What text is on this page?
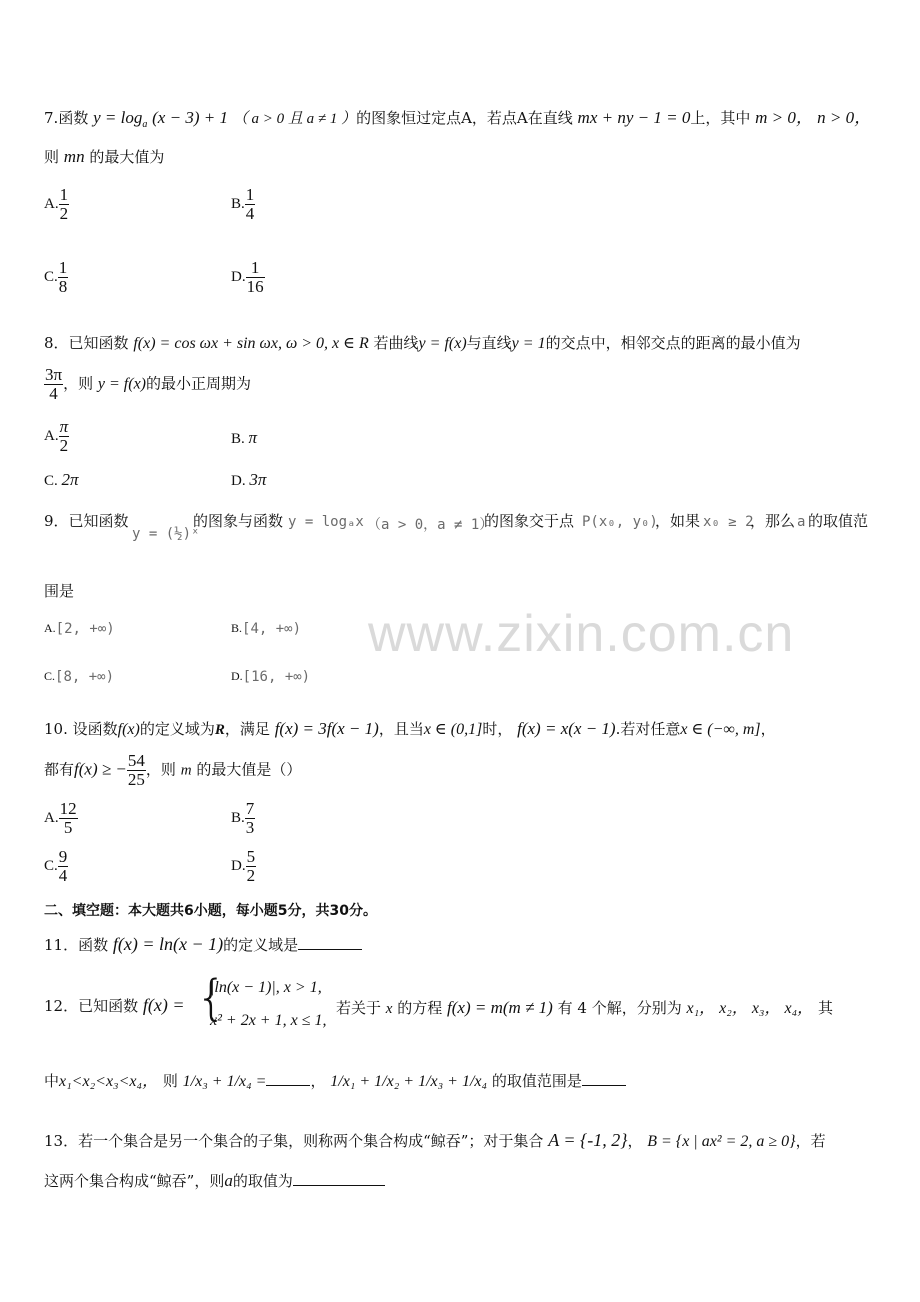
www.zixin.com.cn
7.函数 $y = \log_a (x - 3) + 1$ （ a > 0 且 a ≠ 1 ）的图象恒过定点A，若点A在直线 mx + ny − 1 = 0上，其中 m > 0， n > 0，
则 mn 的最大值为
A. $\frac{1}{2}$	B. $\frac{1}{4}$
C. $\frac{1}{8}$	D. $\frac{1}{16}$
8．已知函数 f(x) = cos ωx + sin ωx, ω > 0, x ∈ R 若曲线y = f(x)与直线y = 1的交点中，相邻交点的距离的最小值为
$\frac{3\pi}{4}$ ，则 y = f(x)的最小正周期为
A. $\frac{\pi}{2}$	B. π
C. 2π	D. 3π
9．已知函数
y = (½)ˣ
的图象与函数 y = logₐx （a > 0，a ≠ 1）
的图象交于点 P(x₀, y₀)
，如果 x₀ ≥ 2
，那么 a 的取值范
围是
$^{A.}$[2, +∞)	$^{B.}$[4, +∞)
$^{C.}$[8, +∞)	$^{D.}$[16, +∞)
10. 设函数f(x)的定义域为R，满足 f(x) = 3f(x − 1)，且当x ∈ (0,1]时， f(x) = x(x − 1).若对任意x ∈ (−∞, m]，
都有f(x) ≥ − $\frac{54}{25}$ ，则 m 的最大值是（）
A. $\frac{12}{5}$	B. $\frac{7}{3}$
C. $\frac{9}{4}$	D. $\frac{5}{2}$
二、填空题：本大题共6小题，每小题5分，共30分。
11．函数 f(x) = ln(x − 1)的定义域是
12．已知函数 f(x) = {
|ln(x − 1)|, x > 1,
x² + 2x + 1, x ≤ 1,
若关于 x 的方程 f(x) = m(m ≠ 1) 有 4 个解，分别为 x₁， x₂， x₃， x₄， 其
中x₁<x₂<x₃<x₄， 则 1/x₃ + 1/x₄ =	， 1/x₁ + 1/x₂ + 1/x₃ + 1/x₄ 的取值范围是
13．若一个集合是另一个集合的子集，则称两个集合构成“鲸吞”；对于集合 A = {-1, 2}， B = {x | ax² = 2, a ≥ 0}，若
这两个集合构成“鲸吞”，则a的取值为
